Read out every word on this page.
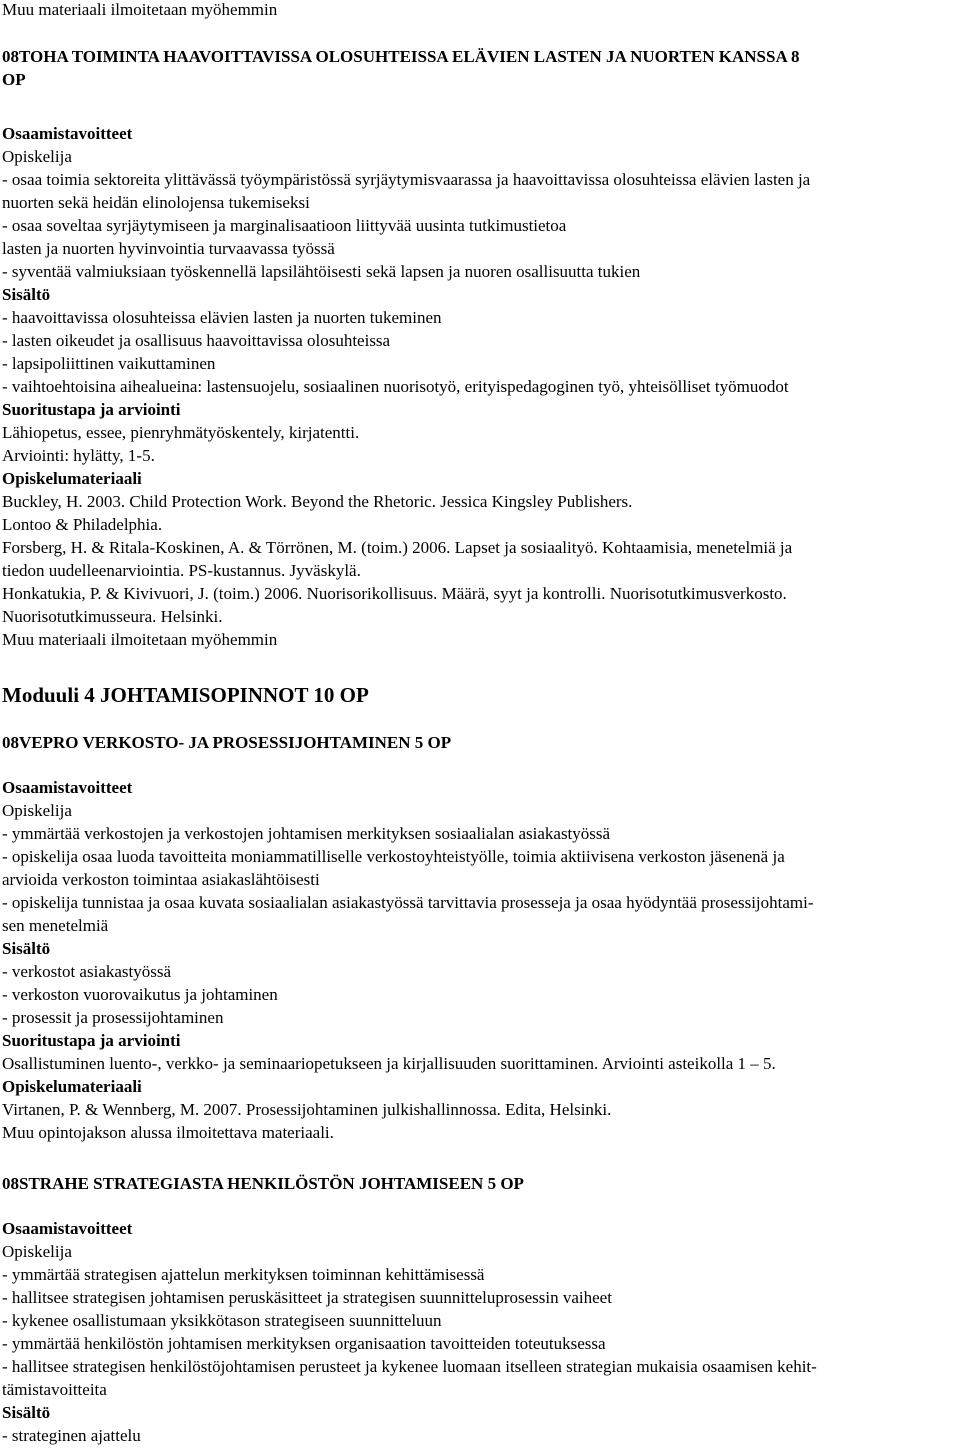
Muu materiaali ilmoitetaan myöhemmin
08TOHA TOIMINTA HAAVOITTAVISSA OLOSUHTEISSA ELÄVIEN LASTEN JA NUORTEN KANSSA 8
OP
Osaamistavoitteet
Opiskelija
- osaa toimia sektoreita ylittävässä työympäristössä syrjäytymisvaarassa ja haavoittavissa olosuhteissa elävien lasten ja
nuorten sekä heidän elinolojensa tukemiseksi
- osaa soveltaa syrjäytymiseen ja marginalisaatioon liittyvää uusinta tutkimustietoa
lasten ja nuorten hyvinvointia turvaavassa työssä
- syventää valmiuksiaan työskennellä lapsilähtöisesti sekä lapsen ja nuoren osallisuutta tukien
Sisältö
- haavoittavissa olosuhteissa elävien lasten ja nuorten tukeminen
- lasten oikeudet ja osallisuus haavoittavissa olosuhteissa
- lapsipoliittinen vaikuttaminen
- vaihtoehtoisina aihealueina: lastensuojelu, sosiaalinen nuorisotyö, erityispedagoginen työ, yhteisölliset työmuodot
Suoritustapa ja arviointi
Lähiopetus, essee, pienryhmätyöskentely, kirjatentti.
Arviointi: hylätty, 1-5.
Opiskelumateriaali
Buckley, H. 2003. Child Protection Work. Beyond the Rhetoric. Jessica Kingsley Publishers.
Lontoo & Philadelphia.
Forsberg, H. & Ritala-Koskinen, A. & Törrönen, M. (toim.) 2006. Lapset ja sosiaalityö. Kohtaamisia, menetelmiä ja
tiedon uudelleenarviointia. PS-kustannus. Jyväskylä.
Honkatukia, P. & Kivivuori, J. (toim.) 2006. Nuorisorikollisuus. Määrä, syyt ja kontrolli. Nuorisotutkimusverkosto.
Nuorisotutkimusseura. Helsinki.
Muu materiaali ilmoitetaan myöhemmin
Moduuli 4 JOHTAMISOPINNOT 10 OP
08VEPRO VERKOSTO- JA PROSESSIJOHTAMINEN 5 OP
Osaamistavoitteet
Opiskelija
- ymmärtää verkostojen ja verkostojen johtamisen merkityksen sosiaalialan asiakastyössä
- opiskelija osaa luoda tavoitteita moniammatilliselle verkostoyhteistyölle, toimia aktiivisena verkoston jäsenenä ja
arvioida verkoston toimintaa asiakaslähtöisesti
- opiskelija tunnistaa ja osaa kuvata sosiaalialan asiakastyössä tarvittavia prosesseja ja osaa hyödyntää prosessijohtami-
sen menetelmiä
Sisältö
- verkostot asiakastyössä
- verkoston vuorovaikutus ja johtaminen
- prosessit ja prosessijohtaminen
Suoritustapa ja arviointi
Osallistuminen luento-, verkko- ja seminaariopetukseen ja kirjallisuuden suorittaminen. Arviointi asteikolla 1 – 5.
Opiskelumateriaali
Virtanen, P. & Wennberg, M. 2007. Prosessijohtaminen julkishallinnossa. Edita, Helsinki.
Muu opintojakson alussa ilmoitettava materiaali.
08STRAHE STRATEGIASTA HENKILÖSTÖN JOHTAMISEEN 5 OP
Osaamistavoitteet
Opiskelija
- ymmärtää strategisen ajattelun merkityksen toiminnan kehittämisessä
- hallitsee strategisen johtamisen peruskäsitteet ja strategisen suunnitteluprosessin vaiheet
- kykenee osallistumaan yksikkötason strategiseen suunnitteluun
- ymmärtää henkilöstön johtamisen merkityksen organisaation tavoitteiden toteutuksessa
- hallitsee strategisen henkilöstöjohtamisen perusteet ja kykenee luomaan itselleen strategian mukaisia osaamisen kehit-
tämistavoitteita
Sisältö
- strateginen ajattelu
